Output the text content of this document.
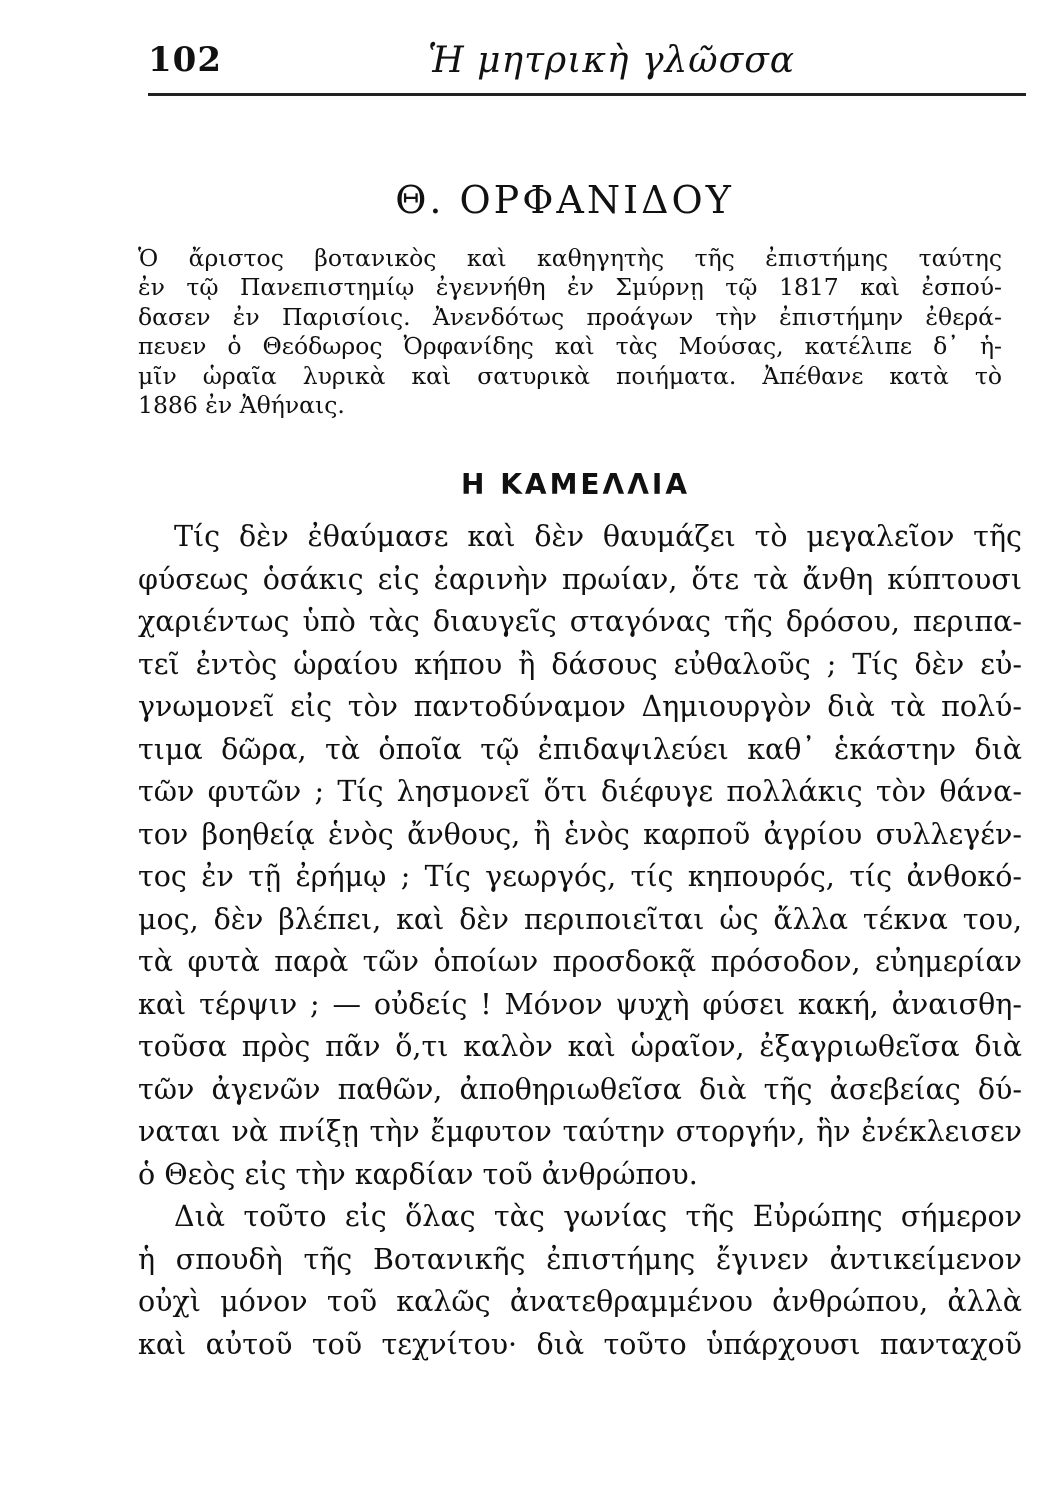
102	Ἡ μητρικὴ γλῶσσα
Θ. ΟΡΦΑΝΙΔΟΥ
Ὁ ἄριστος βοτανικὸς καὶ καθηγητὴς τῆς ἐπιστήμης ταύτης
ἐν τῷ Πανεπιστημίῳ ἐγεννήθη ἐν Σμύρνῃ τῷ 1817 καὶ ἐσπού-
δασεν ἐν Παρισίοις. Ἀνενδότως προάγων τὴν ἐπιστήμην ἐθερά-
πευεν ὁ Θεόδωρος Ὀρφανίδης καὶ τὰς Μούσας, κατέλιπε δ᾽ ἡ-
μῖν ὡραῖα λυρικὰ καὶ σατυρικὰ ποιήματα. Ἀπέθανε κατὰ τὸ
1886 ἐν Ἀθήναις.
Η ΚΑΜΕΛΛΙΑ
Τίς δὲν ἐθαύμασε καὶ δὲν θαυμάζει τὸ μεγαλεῖον τῆς
φύσεως ὁσάκις εἰς ἐαρινὴν πρωίαν, ὅτε τὰ ἄνθη κύπτουσι
χαριέντως ὑπὸ τὰς διαυγεῖς σταγόνας τῆς δρόσου, περιπα-
τεῖ ἐντὸς ὡραίου κήπου ἢ δάσους εὐθαλοῦς ; Τίς δὲν εὐ-
γνωμονεῖ εἰς τὸν παντοδύναμον Δημιουργὸν διὰ τὰ πολύ-
τιμα δῶρα, τὰ ὁποῖα τῷ ἐπιδαψιλεύει καθ᾽ ἑκάστην διὰ
τῶν φυτῶν ; Τίς λησμονεῖ ὅτι διέφυγε πολλάκις τὸν θάνα-
τον βοηθείᾳ ἑνὸς ἄνθους, ἢ ἑνὸς καρποῦ ἀγρίου συλλεγέν-
τος ἐν τῇ ἐρήμῳ ; Τίς γεωργός, τίς κηπουρός, τίς ἀνθοκό-
μος, δὲν βλέπει, καὶ δὲν περιποιεῖται ὡς ἄλλα τέκνα του,
τὰ φυτὰ παρὰ τῶν ὁποίων προσδοκᾷ πρόσοδον, εὐημερίαν
καὶ τέρψιν ; — οὐδείς ! Μόνον ψυχὴ φύσει κακή, ἀναισθη-
τοῦσα πρὸς πᾶν ὅ,τι καλὸν καὶ ὡραῖον, ἐξαγριωθεῖσα διὰ
τῶν ἀγενῶν παθῶν, ἀποθηριωθεῖσα διὰ τῆς ἀσεβείας δύ-
ναται νὰ πνίξῃ τὴν ἔμφυτον ταύτην στοργήν, ἣν ἐνέκλεισεν
ὁ Θεὸς εἰς τὴν καρδίαν τοῦ ἀνθρώπου.
Διὰ τοῦτο εἰς ὅλας τὰς γωνίας τῆς Εὐρώπης σήμερον
ἡ σπουδὴ τῆς Βοτανικῆς ἐπιστήμης ἔγινεν ἀντικείμενον
οὐχὶ μόνον τοῦ καλῶς ἀνατεθραμμένου ἀνθρώπου, ἀλλὰ
καὶ αὐτοῦ τοῦ τεχνίτου· διὰ τοῦτο ὑπάρχουσι πανταχοῦ
